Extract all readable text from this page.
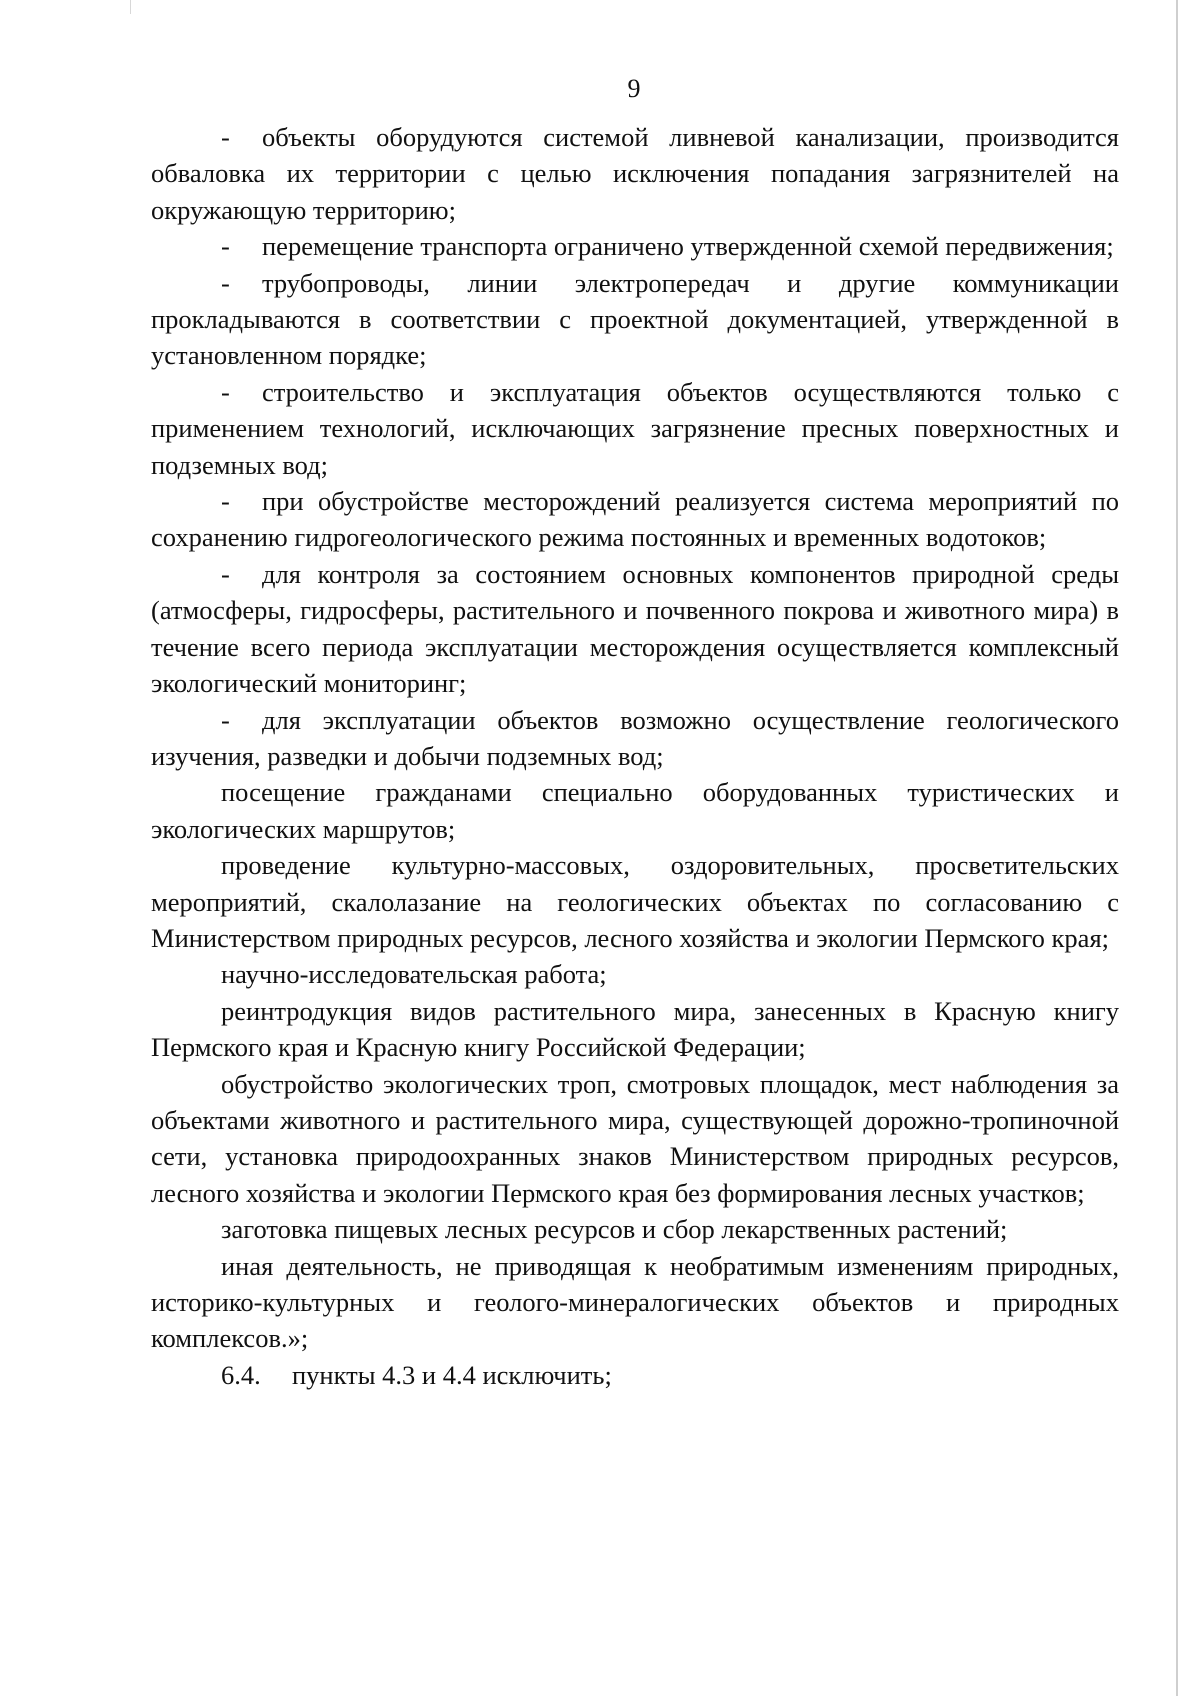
9

- объекты оборудуются системой ливневой канализации, производится обваловка их территории с целью исключения попадания загрязнителей на окружающую территорию;

- перемещение транспорта ограничено утвержденной схемой передвижения;

- трубопроводы, линии электропередач и другие коммуникации прокладываются в соответствии с проектной документацией, утвержденной в установленном порядке;

- строительство и эксплуатация объектов осуществляются только с применением технологий, исключающих загрязнение пресных поверхностных и подземных вод;

- при обустройстве месторождений реализуется система мероприятий по сохранению гидрогеологического режима постоянных и временных водотоков;

- для контроля за состоянием основных компонентов природной среды (атмосферы, гидросферы, растительного и почвенного покрова и животного мира) в течение всего периода эксплуатации месторождения осуществляется комплексный экологический мониторинг;

- для эксплуатации объектов возможно осуществление геологического изучения, разведки и добычи подземных вод;

посещение гражданами специально оборудованных туристических и экологических маршрутов;

проведение культурно-массовых, оздоровительных, просветительских мероприятий, скалолазание на геологических объектах по согласованию с Министерством природных ресурсов, лесного хозяйства и экологии Пермского края;

научно-исследовательская работа;

реинтродукция видов растительного мира, занесенных в Красную книгу Пермского края и Красную книгу Российской Федерации;

обустройство экологических троп, смотровых площадок, мест наблюдения за объектами животного и растительного мира, существующей дорожно-тропиночной сети, установка природоохранных знаков Министерством природных ресурсов, лесного хозяйства и экологии Пермского края без формирования лесных участков;

заготовка пищевых лесных ресурсов и сбор лекарственных растений;

иная деятельность, не приводящая к необратимым изменениям природных, историко-культурных и геолого-минералогических объектов и природных комплексов.»;

6.4. пункты 4.3 и 4.4 исключить;
